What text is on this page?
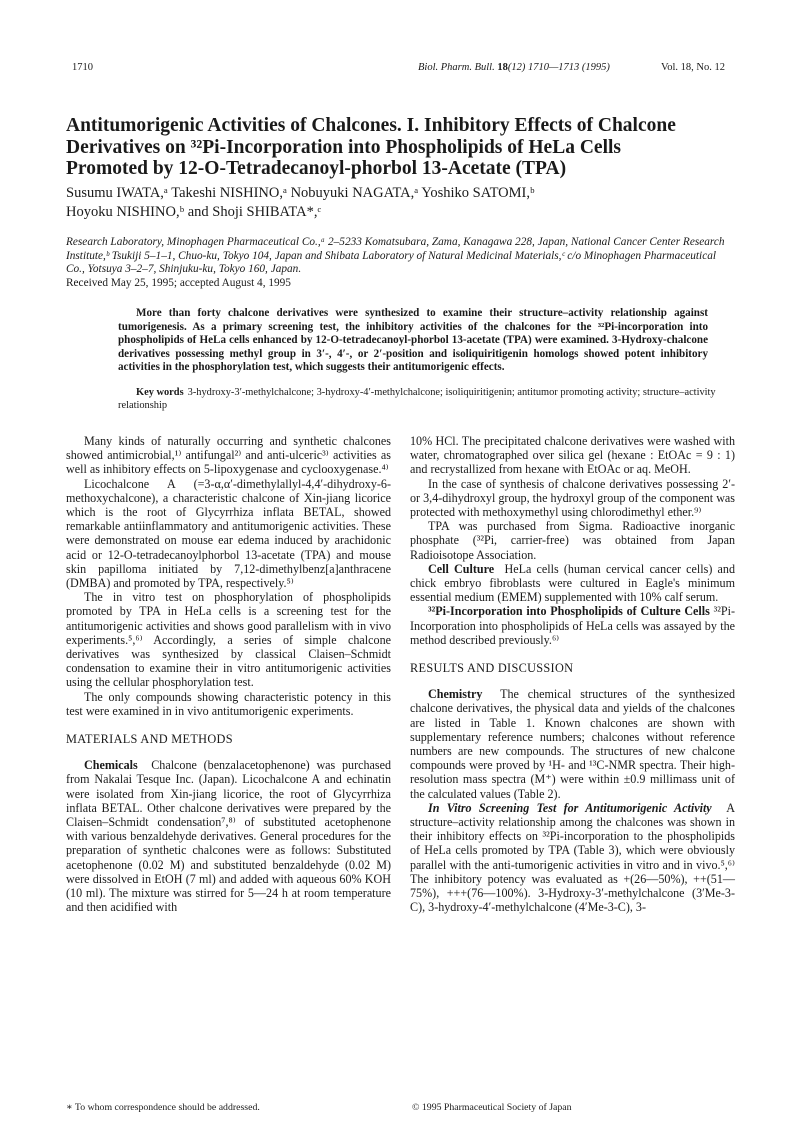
1710	Biol. Pharm. Bull. 18(12) 1710—1713 (1995)	Vol. 18, No. 12
Antitumorigenic Activities of Chalcones. I. Inhibitory Effects of Chalcone Derivatives on ³²Pi-Incorporation into Phospholipids of HeLa Cells Promoted by 12-O-Tetradecanoyl-phorbol 13-Acetate (TPA)
Susumu IWATA,ᵃ Takeshi NISHINO,ᵃ Nobuyuki NAGATA,ᵃ Yoshiko SATOMI,ᵇ
Hoyoku NISHINO,ᵇ and Shoji SHIBATA*,ᶜ
Research Laboratory, Minophagen Pharmaceutical Co.,ᵃ 2–5233 Komatsubara, Zama, Kanagawa 228, Japan, National Cancer Center Research Institute,ᵇ Tsukiji 5–1–1, Chuo-ku, Tokyo 104, Japan and Shibata Laboratory of Natural Medicinal Materials,ᶜ c/o Minophagen Pharmaceutical Co., Yotsuya 3–2–7, Shinjuku-ku, Tokyo 160, Japan.
Received May 25, 1995; accepted August 4, 1995
More than forty chalcone derivatives were synthesized to examine their structure–activity relationship against tumorigenesis. As a primary screening test, the inhibitory activities of the chalcones for the ³²Pi-incorporation into phospholipids of HeLa cells enhanced by 12-O-tetradecanoyl-phorbol 13-acetate (TPA) were examined. 3-Hydroxy-chalcone derivatives possessing methyl group in 3′-, 4′-, or 2′-position and isoliquiritigenin homologs showed potent inhibitory activities in the phosphorylation test, which suggests their antitumorigenic effects.
Key words 3-hydroxy-3′-methylchalcone; 3-hydroxy-4′-methylchalcone; isoliquiritigenin; antitumor promoting activity; structure–activity relationship

Many kinds of naturally occurring and synthetic chalcones showed antimicrobial,¹⁾ antifungal²⁾ and anti-ulceric³⁾ activities as well as inhibitory effects on 5-lipoxygenase and cyclooxygenase.⁴⁾

Licochalcone A (=3-α,α′-dimethylallyl-4,4′-dihydroxy-6-methoxychalcone), a characteristic chalcone of Xin-jiang licorice which is the root of Glycyrrhiza inflata BETAL, showed remarkable antiinflammatory and antitumorigenic activities. These were demonstrated on mouse ear edema induced by arachidonic acid or 12-O-tetradecanoylphorbol 13-acetate (TPA) and mouse skin papilloma initiated by 7,12-dimethylbenz[a]anthracene (DMBA) and promoted by TPA, respectively.⁵⁾

The in vitro test on phosphorylation of phospholipids promoted by TPA in HeLa cells is a screening test for the antitumorigenic activities and shows good parallelism with in vivo experiments.⁵,⁶⁾ Accordingly, a series of simple chalcone derivatives was synthesized by classical Claisen–Schmidt condensation to examine their in vitro antitumorigenic activities using the cellular phosphorylation test.

The only compounds showing characteristic potency in this test were examined in in vivo antitumorigenic experiments.

MATERIALS AND METHODS

Chemicals Chalcone (benzalacetophenone) was purchased from Nakalai Tesque Inc. (Japan). Licochalcone A and echinatin were isolated from Xin-jiang licorice, the root of Glycyrrhiza inflata BETAL. Other chalcone derivatives were prepared by the Claisen–Schmidt condensation⁷,⁸⁾ of substituted acetophenone with various benzaldehyde derivatives. General procedures for the preparation of synthetic chalcones were as follows: Substituted acetophenone (0.02 M) and substituted benzaldehyde (0.02 M) were dissolved in EtOH (7 ml) and added with aqueous 60% KOH (10 ml). The mixture was stirred for 5—24 h at room temperature and then acidified with

10% HCl. The precipitated chalcone derivatives were washed with water, chromatographed over silica gel (hexane : EtOAc = 9 : 1) and recrystallized from hexane with EtOAc or aq. MeOH.

In the case of synthesis of chalcone derivatives possessing 2′- or 3,4-dihydroxyl group, the hydroxyl group of the component was protected with methoxymethyl using chlorodimethyl ether.⁹⁾

TPA was purchased from Sigma. Radioactive inorganic phosphate (³²Pi, carrier-free) was obtained from Japan Radioisotope Association.

Cell Culture HeLa cells (human cervical cancer cells) and chick embryo fibroblasts were cultured in Eagle's minimum essential medium (EMEM) supplemented with 10% calf serum.

³²Pi-Incorporation into Phospholipids of Culture Cells ³²Pi-Incorporation into phospholipids of HeLa cells was assayed by the method described previously.⁶⁾

RESULTS AND DISCUSSION

Chemistry The chemical structures of the synthesized chalcone derivatives, the physical data and yields of the chalcones are listed in Table 1. Known chalcones are shown with supplementary reference numbers; chalcones without reference numbers are new compounds. The structures of new chalcone compounds were proved by ¹H- and ¹³C-NMR spectra. Their high-resolution mass spectra (M⁺) were within ±0.9 millimass unit of the calculated values (Table 2).

In Vitro Screening Test for Antitumorigenic Activity A structure–activity relationship among the chalcones was shown in their inhibitory effects on ³²Pi-incorporation to the phospholipids of HeLa cells promoted by TPA (Table 3), which were obviously parallel with the anti-tumorigenic activities in vitro and in vivo.⁵,⁶⁾ The inhibitory potency was evaluated as +(26—50%), ++(51—75%), +++(76—100%). 3-Hydroxy-3′-methylchalcone (3′Me-3-C), 3-hydroxy-4′-methylchalcone (4′Me-3-C), 3-

∗ To whom correspondence should be addressed.	© 1995 Pharmaceutical Society of Japan
